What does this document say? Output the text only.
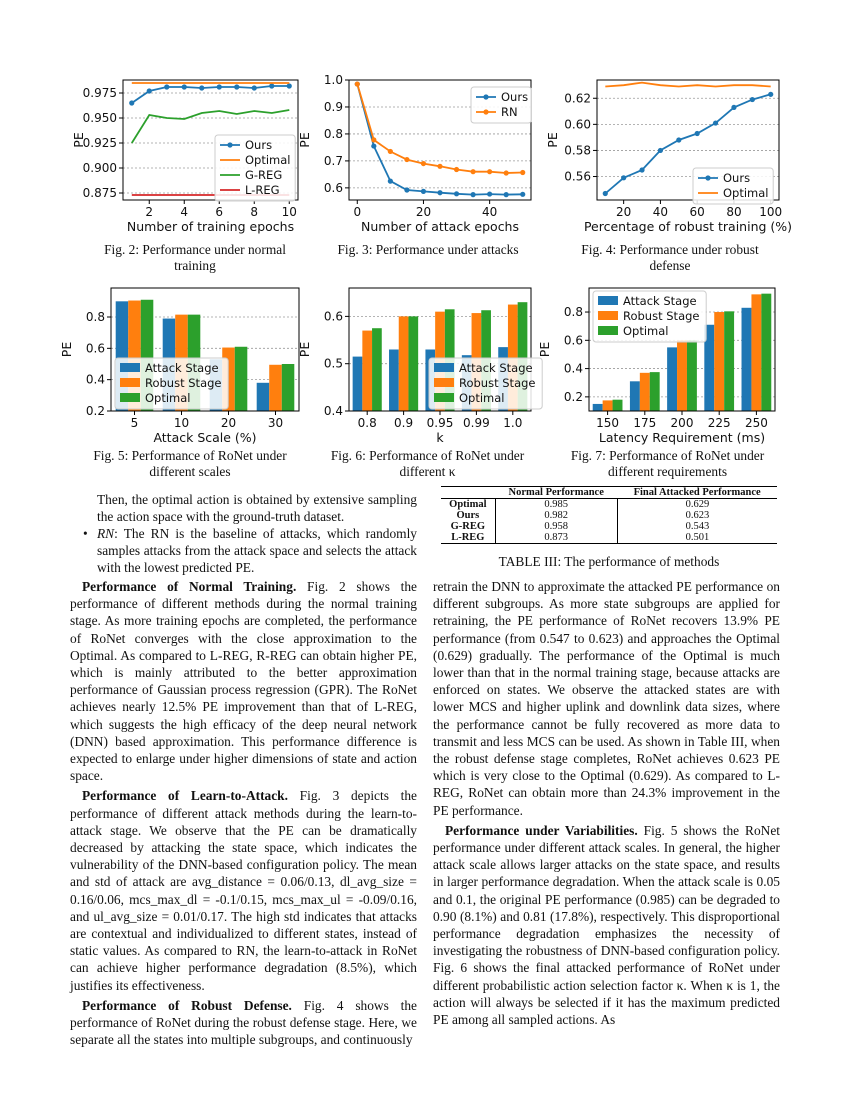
0.875
0.900
0.925
0.950
0.975
2 4 6 8 10
Number of training epochs
PE	Ours
Optimal
G-REG
L-REG	0.6
0.7
0.8
0.9
1.0
0	20	40
Number of attack epochs
PE
Ours
RN
0.56
0.58
0.60
0.62
20 40 60 80 100
Percentage of robust training (%)
PE
Ours
Optimal
Fig. 2: Performance under normal training
Fig. 3: Performance under attacks	Fig. 4: Performance under robust defense
0.2
0.4
0.6
0.8
5	10	20	30
Attack Scale (%)
PE
Attack Stage
Robust Stage
Optimal
0.4
0.5
0.6
0.8 0.9 0.95 0.99 1.0
k
PE
Attack Stage
Robust Stage
Optimal	0.2
0.4
0.6
0.8
150 175 200 225 250
Latency Requirement (ms)
PE
Attack Stage
Robust Stage
Optimal
Fig. 5: Performance of RoNet under different scales
Fig. 6: Performance of RoNet under different κ
Fig. 7: Performance of RoNet under different requirements

Then, the optimal action is obtained by extensive sampling the action space with the ground-truth dataset.

• RN: The RN is the baseline of attacks, which randomly samples attacks from the attack space and selects the attack with the lowest predicted PE.
	Normal Performance	Final Attacked Performance
Optimal	0.985	0.629
Ours	0.982	0.623
G-REG	0.958	0.543
L-REG	0.873	0.501
TABLE III: The performance of methods

Performance of Normal Training. Fig. 2 shows the performance of different methods during the normal training stage. As more training epochs are completed, the performance of RoNet converges with the close approximation to the Optimal. As compared to L-REG, R-REG can obtain higher PE, which is mainly attributed to the better approximation performance of Gaussian process regression (GPR). The RoNet achieves nearly 12.5% PE improvement than that of L-REG, which suggests the high efficacy of the deep neural network (DNN) based approximation. This performance difference is expected to enlarge under higher dimensions of state and action space.

Performance of Learn-to-Attack. Fig. 3 depicts the performance of different attack methods during the learn-to-attack stage. We observe that the PE can be dramatically decreased by attacking the state space, which indicates the vulnerability of the DNN-based configuration policy. The mean and std of attack are avg_distance = 0.06/0.13, dl_avg_size = 0.16/0.06, mcs_max_dl = -0.1/0.15, mcs_max_ul = -0.09/0.16, and ul_avg_size = 0.01/0.17. The high std indicates that attacks are contextual and individualized to different states, instead of static values. As compared to RN, the learn-to-attack in RoNet can achieve higher performance degradation (8.5%), which justifies its effectiveness.

Performance of Robust Defense. Fig. 4 shows the performance of RoNet during the robust defense stage. Here, we separate all the states into multiple subgroups, and continuously

retrain the DNN to approximate the attacked PE performance on different subgroups. As more state subgroups are applied for retraining, the PE performance of RoNet recovers 13.9% PE performance (from 0.547 to 0.623) and approaches the Optimal (0.629) gradually. The performance of the Optimal is much lower than that in the normal training stage, because attacks are enforced on states. We observe the attacked states are with lower MCS and higher uplink and downlink data sizes, where the performance cannot be fully recovered as more data to transmit and less MCS can be used. As shown in Table III, when the robust defense stage completes, RoNet achieves 0.623 PE which is very close to the Optimal (0.629). As compared to L-REG, RoNet can obtain more than 24.3% improvement in the PE performance.

Performance under Variabilities. Fig. 5 shows the RoNet performance under different attack scales. In general, the higher attack scale allows larger attacks on the state space, and results in larger performance degradation. When the attack scale is 0.05 and 0.1, the original PE performance (0.985) can be degraded to 0.90 (8.1%) and 0.81 (17.8%), respectively. This disproportional performance degradation emphasizes the necessity of investigating the robustness of DNN-based configuration policy. Fig. 6 shows the final attacked performance of RoNet under different probabilistic action selection factor κ. When κ is 1, the action will always be selected if it has the maximum predicted PE among all sampled actions. As
